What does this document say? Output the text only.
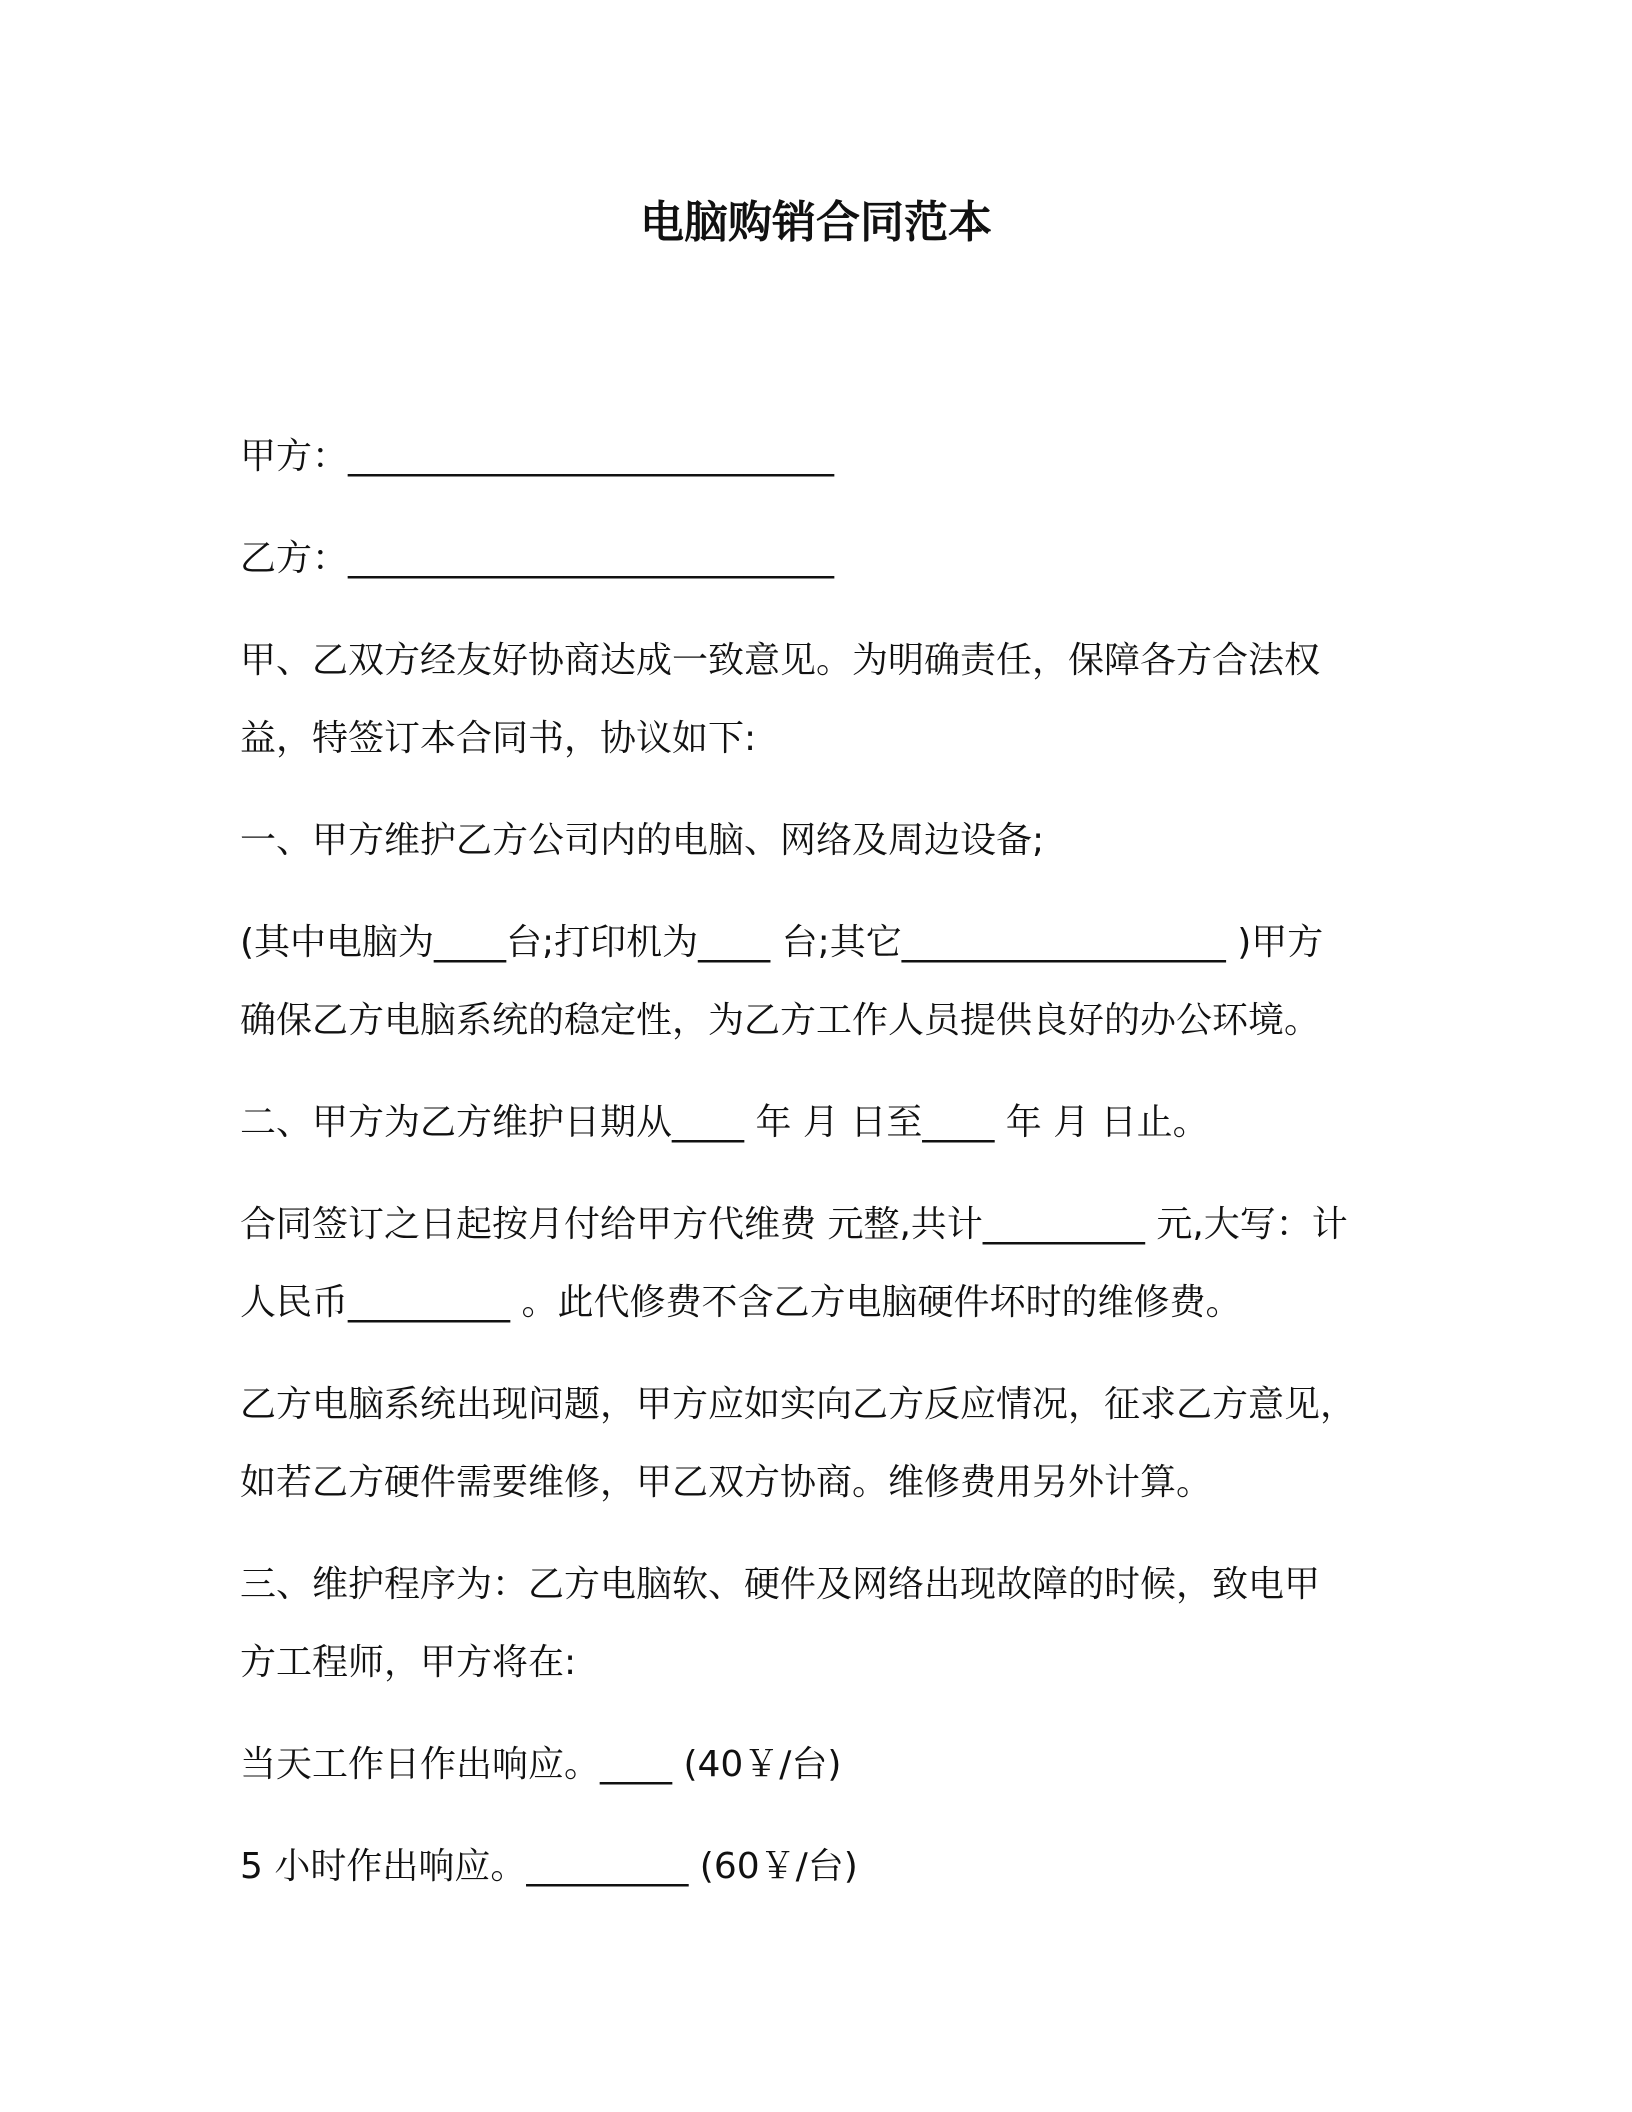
电脑购销合同范本

甲方：___________________________

乙方：___________________________

甲、乙双方经友好协商达成一致意见。为明确责任，保障各方合法权
益，特签订本合同书，协议如下:

一、甲方维护乙方公司内的电脑、网络及周边设备;

(其中电脑为____台;打印机为____ 台;其它__________________ )甲方
确保乙方电脑系统的稳定性，为乙方工作人员提供良好的办公环境。

二、甲方为乙方维护日期从____ 年 月 日至____ 年 月 日止。

合同签订之日起按月付给甲方代维费 元整,共计_________ 元,大写：计
人民币_________ 。此代修费不含乙方电脑硬件坏时的维修费。

乙方电脑系统出现问题，甲方应如实向乙方反应情况，征求乙方意见，
如若乙方硬件需要维修，甲乙双方协商。维修费用另外计算。

三、维护程序为：乙方电脑软、硬件及网络出现故障的时候，致电甲
方工程师，甲方将在:

当天工作日作出响应。____ (40￥/台)

5 小时作出响应。_________ (60￥/台)
